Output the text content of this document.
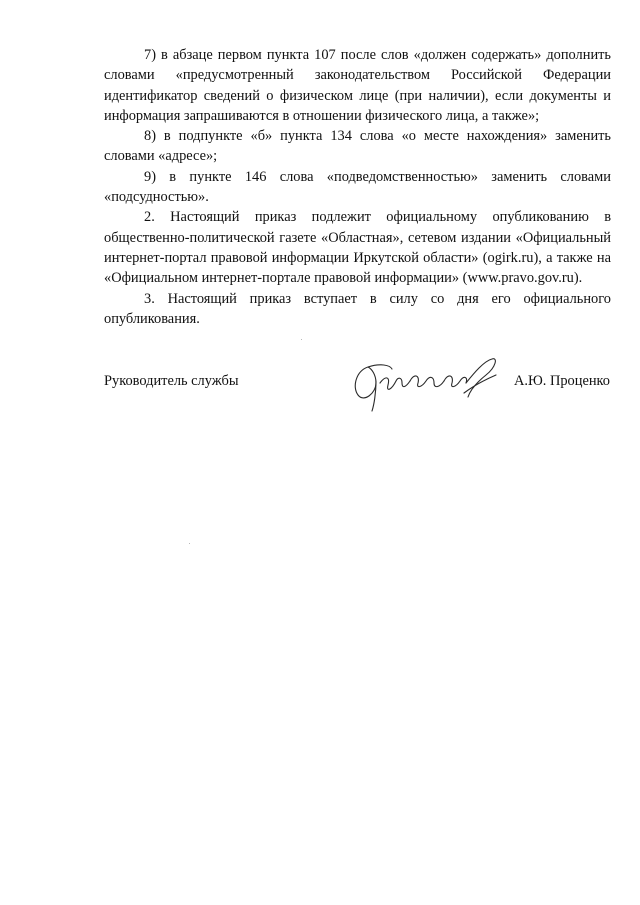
7) в абзаце первом пункта 107 после слов «должен содержать» дополнить словами «предусмотренный законодательством Российской Федерации идентификатор сведений о физическом лице (при наличии), если документы и информация запрашиваются в отношении физического лица, а также»;

8) в подпункте «б» пункта 134 слова «о месте нахождения» заменить словами «адресе»;

9) в пункте 146 слова «подведомственностью» заменить словами «подсудностью».

2. Настоящий приказ подлежит официальному опубликованию в общественно-политической газете «Областная», сетевом издании «Официальный интернет-портал правовой информации Иркутской области» (ogirk.ru), а также на «Официальном интернет-портале правовой информации» (www.pravo.gov.ru).

3. Настоящий приказ вступает в силу со дня его официального опубликования.

Руководитель службы	А.Ю. Проценко
